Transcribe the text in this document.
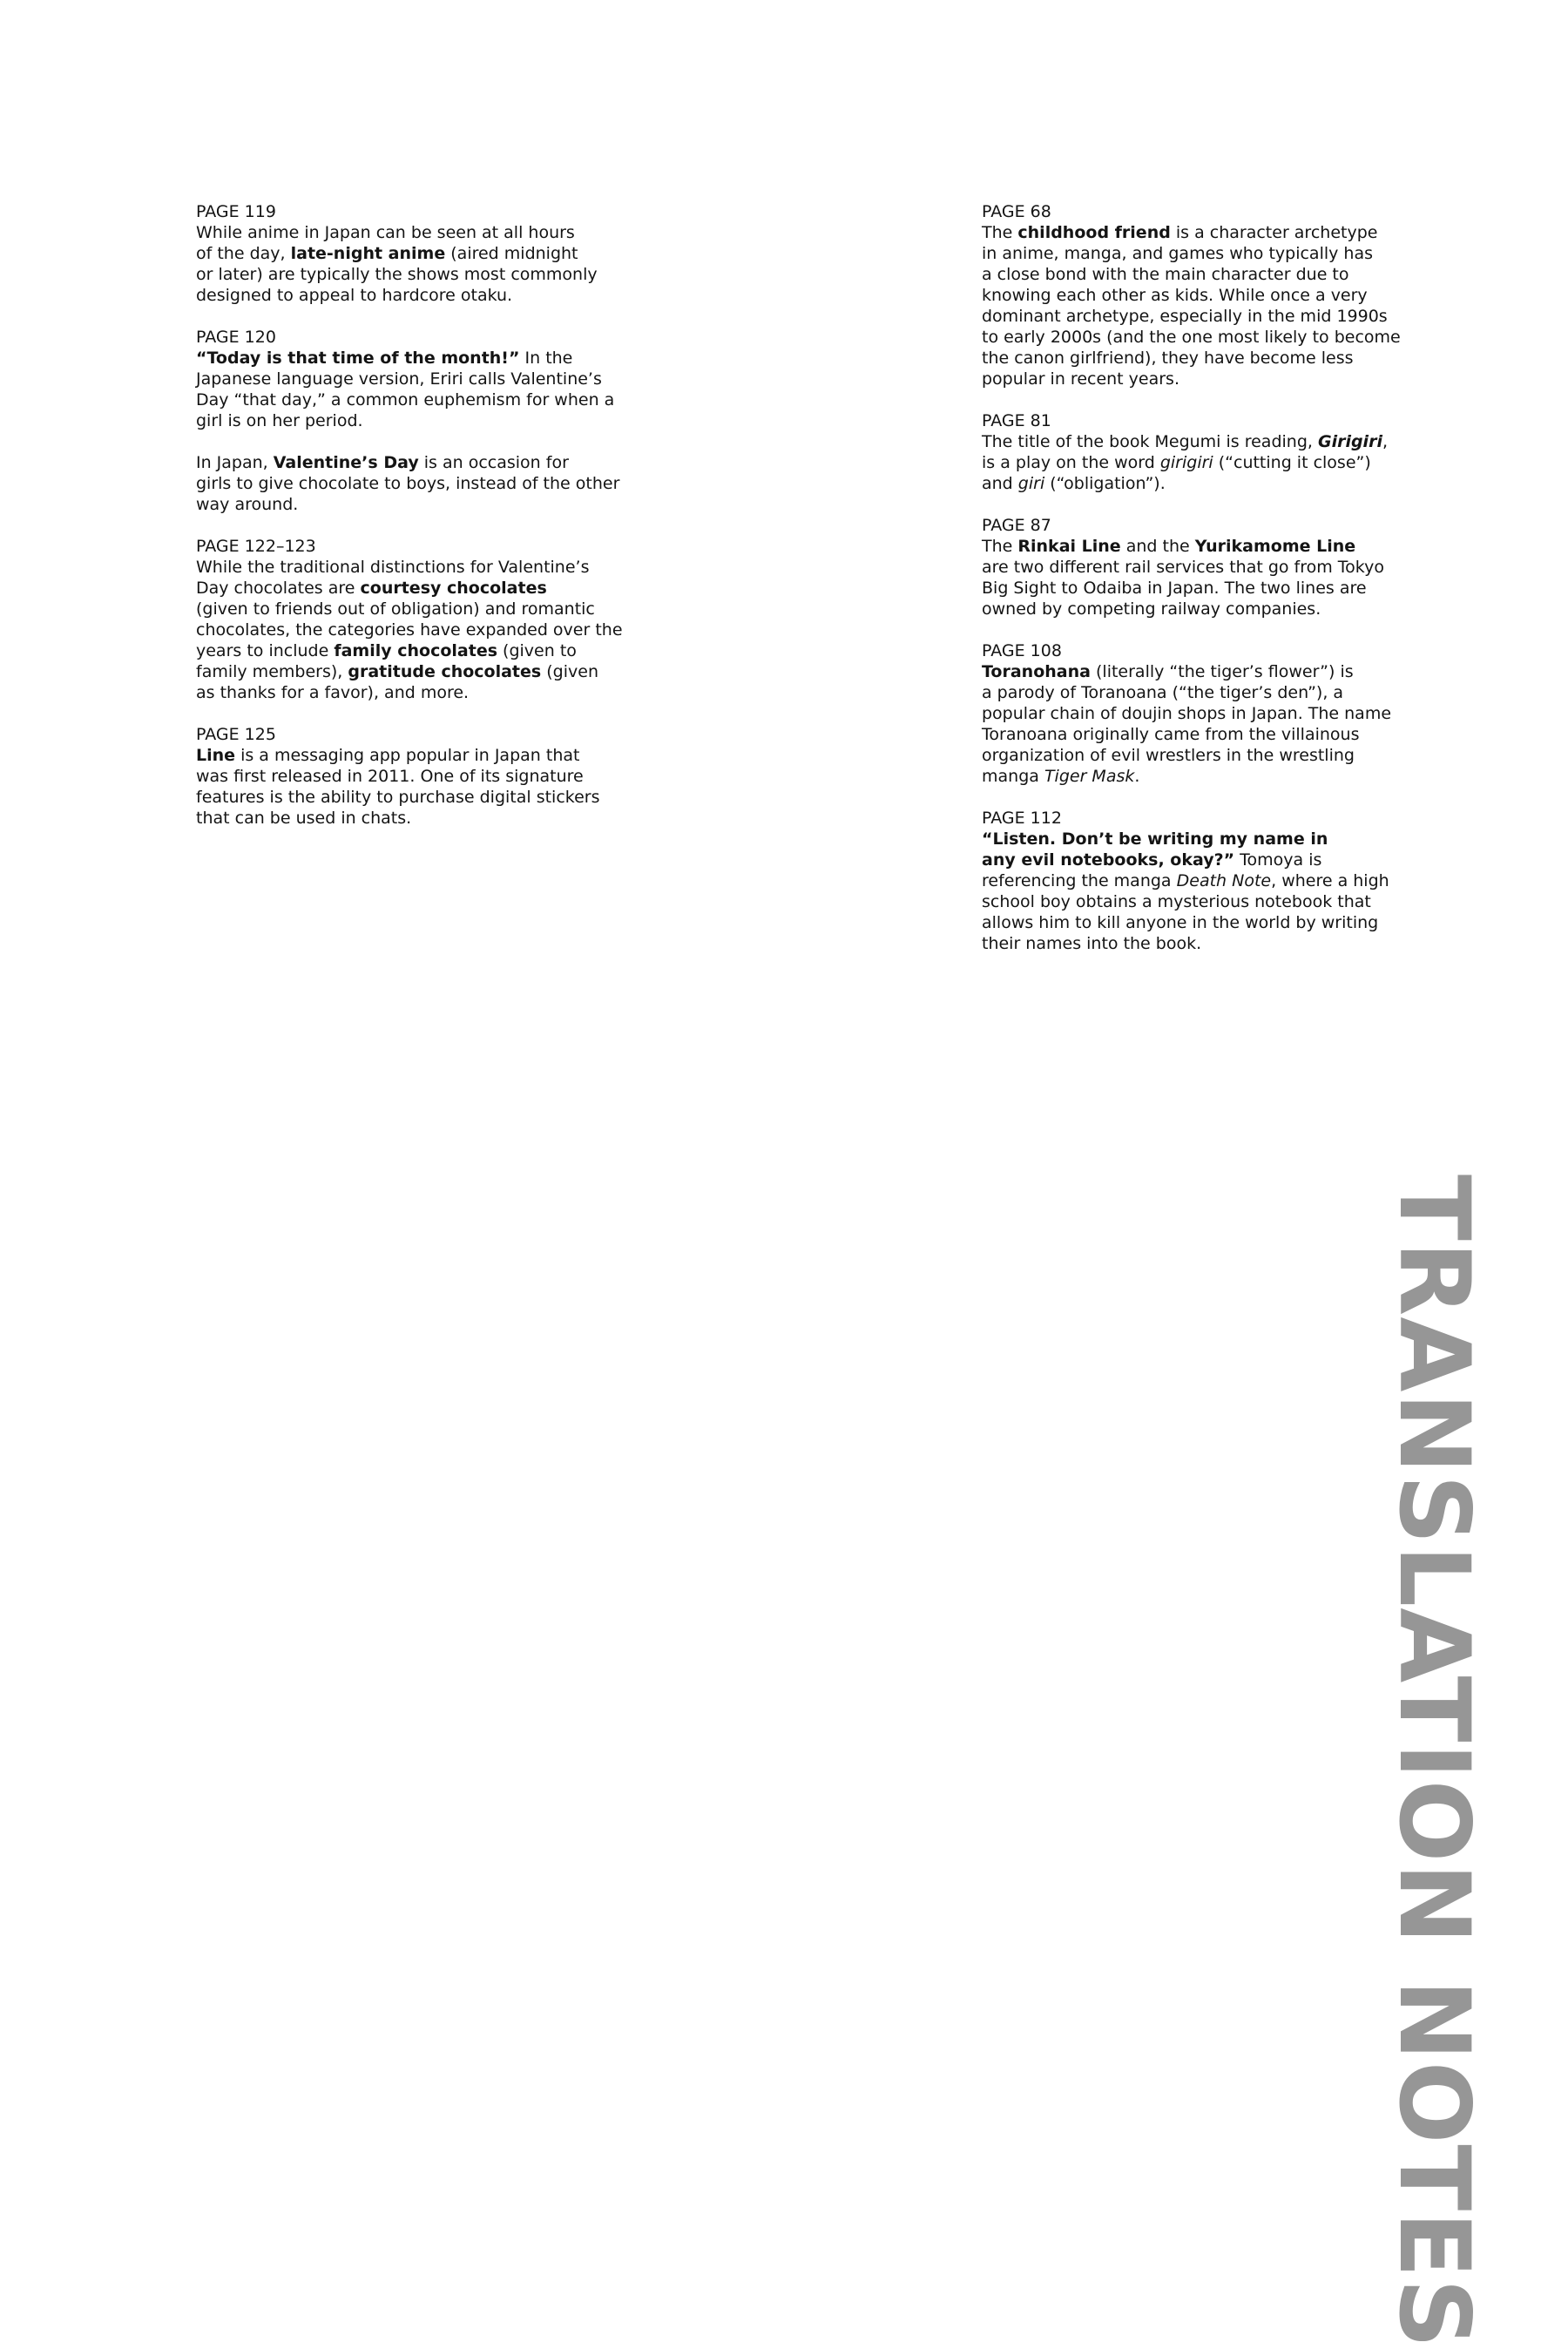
PAGE 119

While anime in Japan can be seen at all hours
of the day, late-night anime (aired midnight
or later) are typically the shows most commonly
designed to appeal to hardcore otaku.

PAGE 120

“Today is that time of the month!” In the
Japanese language version, Eriri calls Valentine’s
Day “that day,” a common euphemism for when a
girl is on her period.

In Japan, Valentine’s Day is an occasion for
girls to give chocolate to boys, instead of the other
way around.

PAGE 122–123

While the traditional distinctions for Valentine’s
Day chocolates are courtesy chocolates
(given to friends out of obligation) and romantic
chocolates, the categories have expanded over the
years to include family chocolates (given to
family members), gratitude chocolates (given
as thanks for a favor), and more.

PAGE 125

Line is a messaging app popular in Japan that
was first released in 2011. One of its signature
features is the ability to purchase digital stickers
that can be used in chats.

PAGE 68

The childhood friend is a character archetype
in anime, manga, and games who typically has
a close bond with the main character due to
knowing each other as kids. While once a very
dominant archetype, especially in the mid 1990s
to early 2000s (and the one most likely to become
the canon girlfriend), they have become less
popular in recent years.

PAGE 81

The title of the book Megumi is reading, Girigiri,
is a play on the word girigiri (“cutting it close”)
and giri (“obligation”).

PAGE 87

The Rinkai Line and the Yurikamome Line
are two different rail services that go from Tokyo
Big Sight to Odaiba in Japan. The two lines are
owned by competing railway companies.

PAGE 108

Toranohana (literally “the tiger’s flower”) is
a parody of Toranoana (“the tiger’s den”), a
popular chain of doujin shops in Japan. The name
Toranoana originally came from the villainous
organization of evil wrestlers in the wrestling
manga Tiger Mask.

PAGE 112

“Listen. Don’t be writing my name in
any evil notebooks, okay?” Tomoya is
referencing the manga Death Note, where a high
school boy obtains a mysterious notebook that
allows him to kill anyone in the world by writing
their names into the book.

TRANSLATION NOTES
